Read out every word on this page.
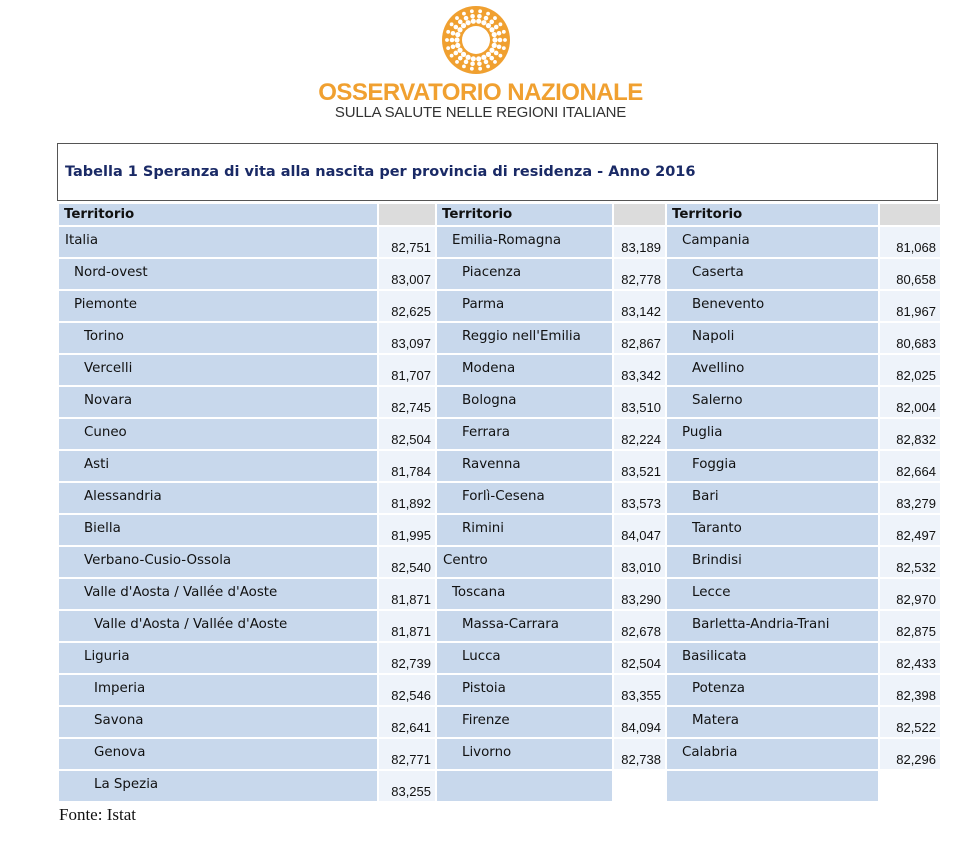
OSSERVATORIO NAZIONALE
SULLA SALUTE NELLE REGIONI ITALIANE
Tabella 1 Speranza di vita alla nascita per provincia di residenza - Anno 2016
Territorio		Territorio		Territorio	

Italia	82,751	Emilia-Romagna	83,189	Campania	81,068

Nord-ovest	83,007	Piacenza	82,778	Caserta	80,658

Piemonte	82,625	Parma	83,142	Benevento	81,967

Torino	83,097	Reggio nell'Emilia	82,867	Napoli	80,683

Vercelli	81,707	Modena	83,342	Avellino	82,025

Novara	82,745	Bologna	83,510	Salerno	82,004

Cuneo	82,504	Ferrara	82,224	Puglia	82,832

Asti	81,784	Ravenna	83,521	Foggia	82,664

Alessandria	81,892	Forlì-Cesena	83,573	Bari	83,279

Biella	81,995	Rimini	84,047	Taranto	82,497

Verbano-Cusio-Ossola	82,540	Centro	83,010	Brindisi	82,532

Valle d'Aosta / Vallée d'Aoste	81,871	Toscana	83,290	Lecce	82,970

Valle d'Aosta / Vallée d'Aoste	81,871	Massa-Carrara	82,678	Barletta-Andria-Trani	82,875

Liguria	82,739	Lucca	82,504	Basilicata	82,433

Imperia	82,546	Pistoia	83,355	Potenza	82,398

Savona	82,641	Firenze	84,094	Matera	82,522

Genova	82,771	Livorno	82,738	Calabria	82,296

La Spezia	83,255				
Fonte: Istat
